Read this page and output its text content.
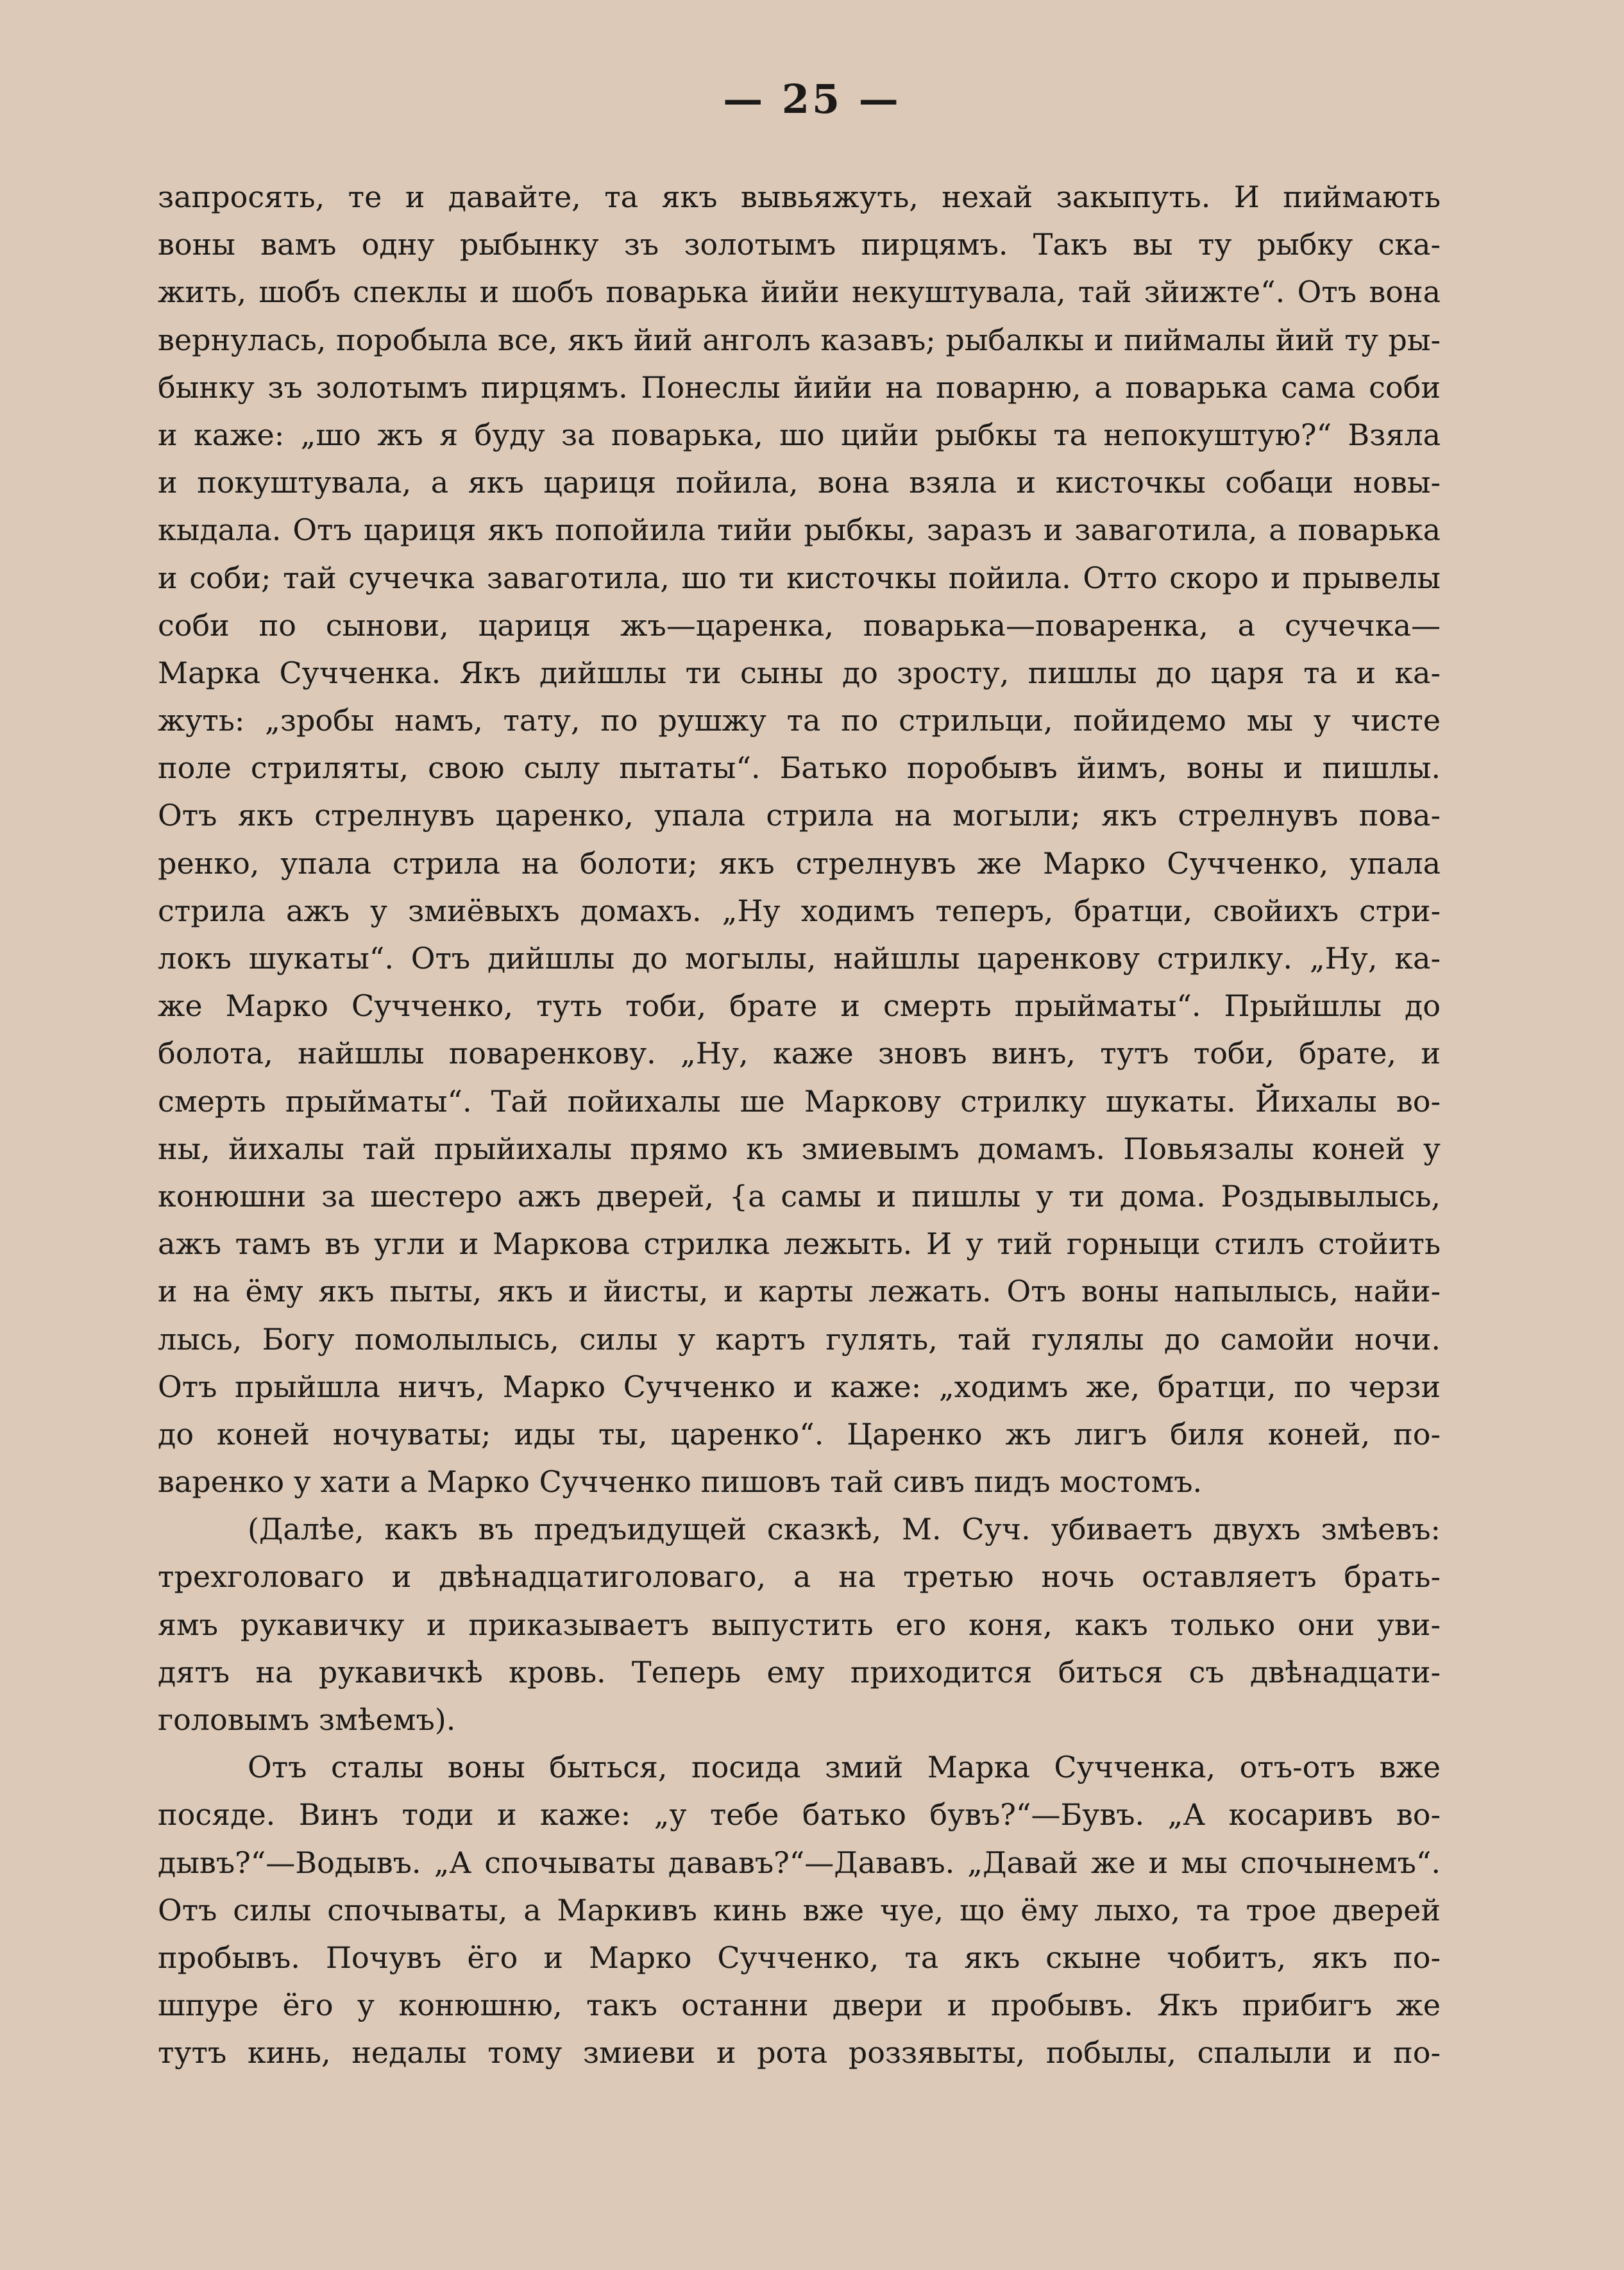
— 25 —
запросять, те и давайте, та якъ вывьяжуть, нехай закыпуть. И пиймають
воны вамъ одну рыбынку зъ золотымъ пирцямъ. Такъ вы ту рыбку ска-
жить, шобъ спеклы и шобъ поварька йийи некуштувала, тай зйижте“. Отъ вона
вернулась, поробыла все, якъ йий анголъ казавъ; рыбалкы и пиймалы йий ту ры-
бынку зъ золотымъ пирцямъ. Понеслы йийи на поварню, а поварька сама соби
и каже: „шо жъ я буду за поварька, шо цийи рыбкы та непокуштую?“ Взяла
и покуштувала, а якъ цариця пойила, вона взяла и кисточкы собаци новы-
кыдала. Отъ цариця якъ попойила тийи рыбкы, заразъ и заваготила, а поварька
и соби; тай сучечка заваготила, шо ти кисточкы пойила. Отто скоро и прывелы
соби по сынови, цариця жъ—царенка, поварька—поваренка, а сучечка—
Марка Сучченка. Якъ дийшлы ти сыны до зросту, пишлы до царя та и ка-
жуть: „зробы намъ, тату, по рушжу та по стрильци, пойидемо мы у чисте
поле стриляты, свою сылу пытаты“. Батько поробывъ йимъ, воны и пишлы.
Отъ якъ стрелнувъ царенко, упала стрила на могыли; якъ стрелнувъ пова-
ренко, упала стрила на болоти; якъ стрелнувъ же Марко Сучченко, упала
стрила ажъ у змиёвыхъ домахъ. „Ну ходимъ теперъ, братци, свойихъ стри-
локъ шукаты“. Отъ дийшлы до могылы, найшлы царенкову стрилку. „Ну, ка-
же Марко Сучченко, туть тоби, брате и смерть прыйматы“. Прыйшлы до
болота, найшлы поваренкову. „Ну, каже зновъ винъ, тутъ тоби, брате, и
смерть прыйматы“. Тай пойихалы ше Маркову стрилку шукаты. Йихалы во-
ны, йихалы тай прыйихалы прямо къ змиевымъ домамъ. Повьязалы коней у
конюшни за шестеро ажъ дверей, {а самы и пишлы у ти дома. Роздывылысь,
ажъ тамъ въ угли и Маркова стрилка лежыть. И у тий горныци стилъ стойить
и на ёму якъ пыты, якъ и йисты, и карты лежать. Отъ воны напылысь, найи-
лысь, Богу помолылысь, силы у картъ гулять, тай гулялы до самойи ночи.
Отъ прыйшла ничъ, Марко Сучченко и каже: „ходимъ же, братци, по черзи
до коней ночуваты; иды ты, царенко“. Царенко жъ лигъ биля коней, по-
варенко у хати а Марко Сучченко пишовъ тай сивъ пидъ мостомъ.
(Далѣе, какъ въ предъидущей сказкѣ, М. Суч. убиваетъ двухъ змѣевъ:
трехголоваго и двѣнадцатиголоваго, а на третью ночь оставляетъ брать-
ямъ рукавичку и приказываетъ выпустить его коня, какъ только они уви-
дятъ на рукавичкѣ кровь. Теперь ему приходится биться съ двѣнадцати-
головымъ змѣемъ).
Отъ сталы воны быться, посида змий Марка Сучченка, отъ-отъ вже
посяде. Винъ тоди и каже: „у тебе батько бувъ?“—Бувъ. „А косаривъ во-
дывъ?“—Водывъ. „А спочываты дававъ?“—Дававъ. „Давай же и мы спочынемъ“.
Отъ силы спочываты, а Маркивъ кинь вже чуе, що ёму лыхо, та трое дверей
пробывъ. Почувъ ёго и Марко Сучченко, та якъ скыне чобитъ, якъ по-
шпуре ёго у конюшню, такъ останни двери и пробывъ. Якъ прибигъ же
тутъ кинь, недалы тому змиеви и рота роззявыты, побылы, спалыли и по-
